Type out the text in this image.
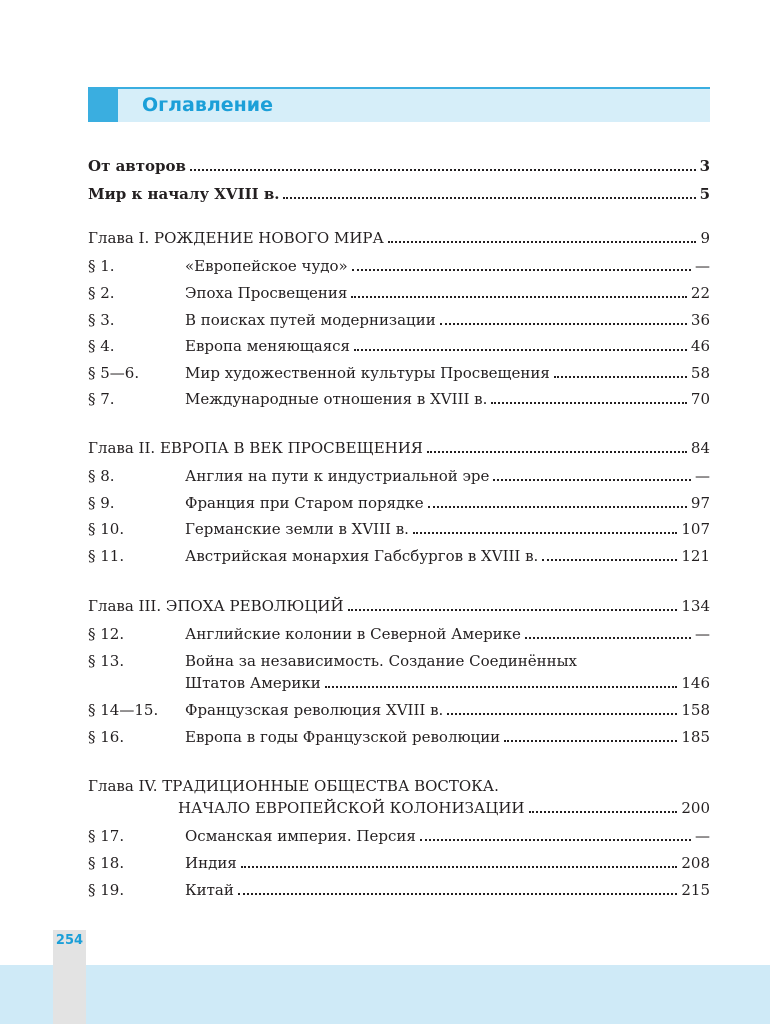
Оглавление
От авторов	3
Мир к началу XVIII в.	5
Глава I. РОЖДЕНИЕ НОВОГО МИРА	9
§ 1.	«Европейское чудо»	—
§ 2.	Эпоха Просвещения	22
§ 3.	В поисках путей модернизации	36
§ 4.	Европа меняющаяся	46
§ 5—6.	Мир художественной культуры Просвещения	58
§ 7.	Международные отношения в XVIII в.	70
Глава II. ЕВРОПА В ВЕК ПРОСВЕЩЕНИЯ	84
§ 8.	Англия на пути к индустриальной эре	—
§ 9.	Франция при Старом порядке	97
§ 10.	Германские земли в XVIII в.	107
§ 11.	Австрийская монархия Габсбургов в XVIII в.	121
Глава III. ЭПОХА РЕВОЛЮЦИЙ	134
§ 12.	Английские колонии в Северной Америке	—
§ 13.	Война за независимость. Создание Соединённых
Штатов Америки	146
§ 14—15.	Французская революция XVIII в.	158
§ 16.	Европа в годы Французской революции	185
Глава IV. ТРАДИЦИОННЫЕ ОБЩЕСТВА ВОСТОКА.
НАЧАЛО ЕВРОПЕЙСКОЙ КОЛОНИЗАЦИИ	200
§ 17.	Османская империя. Персия	—
§ 18.	Индия	208
§ 19.	Китай	215
254
